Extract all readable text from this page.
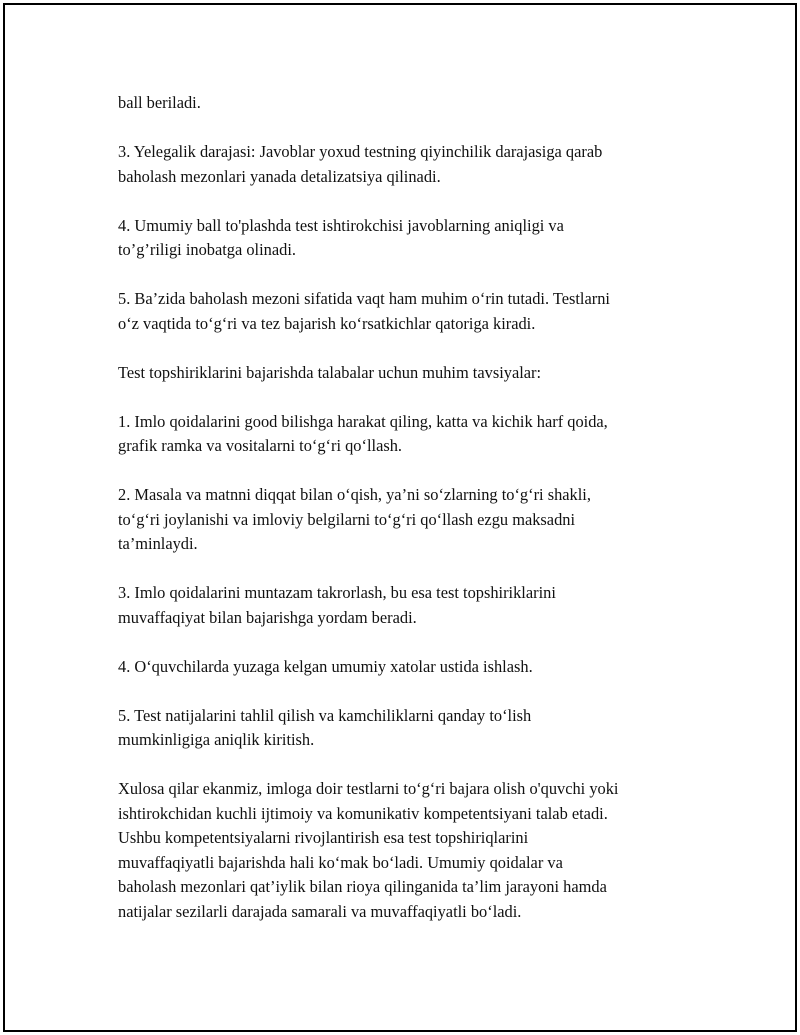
ball beriladi.

3. Yelegalik darajasi: Javoblar yoxud testning qiyinchilik darajasiga qarab
baholash mezonlari yanada detalizatsiya qilinadi.

4. Umumiy ball to'plashda test ishtirokchisi javoblarning aniqligi va
to’g’riligi inobatga olinadi.

5. Ba’zida baholash mezoni sifatida vaqt ham muhim o‘rin tutadi. Testlarni
o‘z vaqtida to‘g‘ri va tez bajarish ko‘rsatkichlar qatoriga kiradi.

Test topshiriklarini bajarishda talabalar uchun muhim tavsiyalar:

1. Imlo qoidalarini good bilishga harakat qiling, katta va kichik harf qoida,
grafik ramka va vositalarni to‘g‘ri qo‘llash.

2. Masala va matnni diqqat bilan o‘qish, ya’ni so‘zlarning to‘g‘ri shakli,
to‘g‘ri joylanishi va imloviy belgilarni to‘g‘ri qo‘llash ezgu maksadni
ta’minlaydi.

3. Imlo qoidalarini muntazam takrorlash, bu esa test topshiriklarini
muvaffaqiyat bilan bajarishga yordam beradi.

4. O‘quvchilarda yuzaga kelgan umumiy xatolar ustida ishlash.

5. Test natijalarini tahlil qilish va kamchiliklarni qanday to‘lish
mumkinligiga aniqlik kiritish.

Xulosa qilar ekanmiz, imloga doir testlarni to‘g‘ri bajara olish o'quvchi yoki
ishtirokchidan kuchli ijtimoiy va komunikativ kompetentsiyani talab etadi.
Ushbu kompetentsiyalarni rivojlantirish esa test topshiriqlarini
muvaffaqiyatli bajarishda hali ko‘mak bo‘ladi. Umumiy qoidalar va
baholash mezonlari qat’iylik bilan rioya qilinganida ta’lim jarayoni hamda
natijalar sezilarli darajada samarali va muvaffaqiyatli bo‘ladi.
